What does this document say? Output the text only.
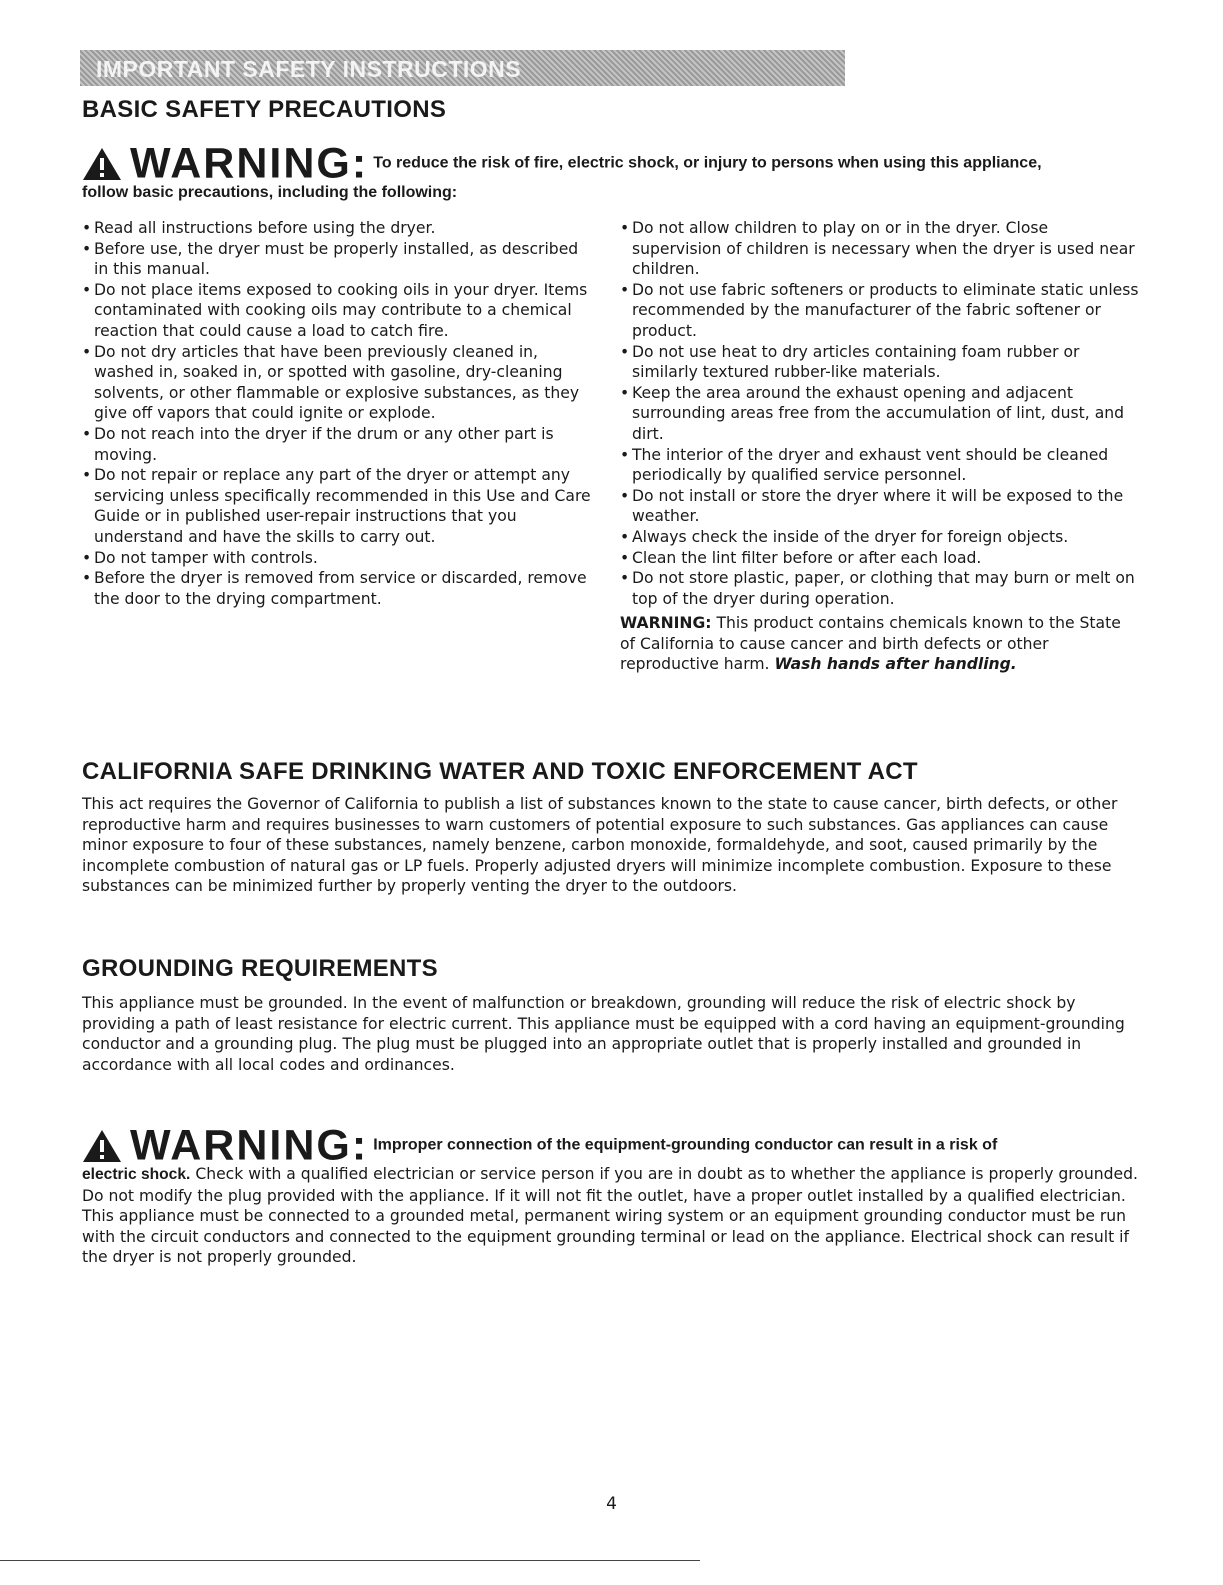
IMPORTANT SAFETY INSTRUCTIONS
BASIC SAFETY PRECAUTIONS
WARNING: To reduce the risk of fire, electric shock, or injury to persons when using this appliance,
follow basic precautions, including the following:
• Read all instructions before using the dryer.
• Before use, the dryer must be properly installed, as described in this manual.
• Do not place items exposed to cooking oils in your dryer. Items contaminated with cooking oils may contribute to a chemical reaction that could cause a load to catch fire.
• Do not dry articles that have been previously cleaned in, washed in, soaked in, or spotted with gasoline, dry-cleaning solvents, or other flammable or explosive substances, as they give off vapors that could ignite or explode.
• Do not reach into the dryer if the drum or any other part is moving.
• Do not repair or replace any part of the dryer or attempt any servicing unless specifically recommended in this Use and Care Guide or in published user-repair instructions that you understand and have the skills to carry out.
• Do not tamper with controls.
• Before the dryer is removed from service or discarded, remove the door to the drying compartment.
• Do not allow children to play on or in the dryer. Close supervision of children is necessary when the dryer is used near children.
• Do not use fabric softeners or products to eliminate static unless recommended by the manufacturer of the fabric softener or product.
• Do not use heat to dry articles containing foam rubber or similarly textured rubber-like materials.
• Keep the area around the exhaust opening and adjacent surrounding areas free from the accumulation of lint, dust, and dirt.
• The interior of the dryer and exhaust vent should be cleaned periodically by qualified service personnel.
• Do not install or store the dryer where it will be exposed to the weather.
• Always check the inside of the dryer for foreign objects.
• Clean the lint filter before or after each load.
• Do not store plastic, paper, or clothing that may burn or melt on top of the dryer during operation.
WARNING: This product contains chemicals known to the State of California to cause cancer and birth defects or other reproductive harm. Wash hands after handling.
CALIFORNIA SAFE DRINKING WATER AND TOXIC ENFORCEMENT ACT

This act requires the Governor of California to publish a list of substances known to the state to cause cancer, birth defects, or other reproductive harm and requires businesses to warn customers of potential exposure to such substances. Gas appliances can cause minor exposure to four of these substances, namely benzene, carbon monoxide, formaldehyde, and soot, caused primarily by the incomplete combustion of natural gas or LP fuels. Properly adjusted dryers will minimize incomplete combustion. Exposure to these substances can be minimized further by properly venting the dryer to the outdoors.

GROUNDING REQUIREMENTS

This appliance must be grounded. In the event of malfunction or breakdown, grounding will reduce the risk of electric shock by providing a path of least resistance for electric current. This appliance must be equipped with a cord having an equipment-grounding conductor and a grounding plug. The plug must be plugged into an appropriate outlet that is properly installed and grounded in accordance with all local codes and ordinances.

WARNING: Improper connection of the equipment-grounding conductor can result in a risk of

electric shock. Check with a qualified electrician or service person if you are in doubt as to whether the appliance is properly grounded. Do not modify the plug provided with the appliance. If it will not fit the outlet, have a proper outlet installed by a qualified electrician. This appliance must be connected to a grounded metal, permanent wiring system or an equipment grounding conductor must be run with the circuit conductors and connected to the equipment grounding terminal or lead on the appliance. Electrical shock can result if the dryer is not properly grounded.

4
